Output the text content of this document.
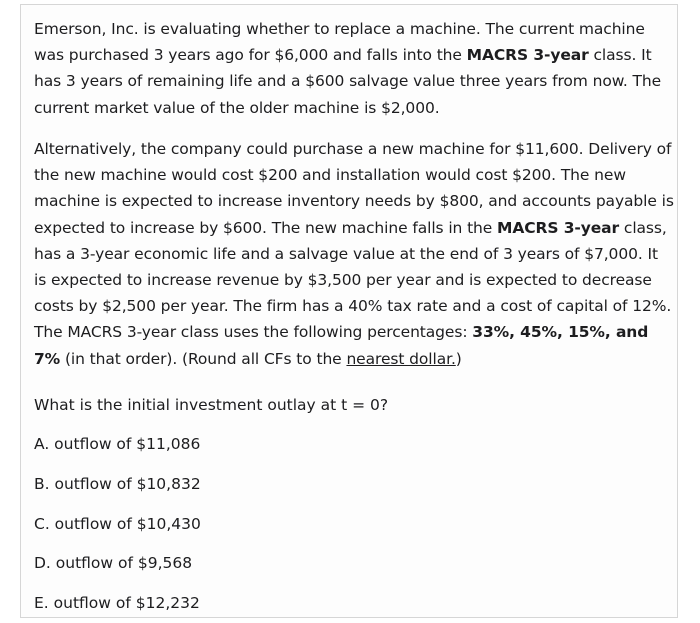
Emerson, Inc. is evaluating whether to replace a machine. The current machine was purchased 3 years ago for $6,000 and falls into the MACRS 3-year class. It has 3 years of remaining life and a $600 salvage value three years from now. The current market value of the older machine is $2,000.
Alternatively, the company could purchase a new machine for $11,600. Delivery of the new machine would cost $200 and installation would cost $200. The new machine is expected to increase inventory needs by $800, and accounts payable is expected to increase by $600. The new machine falls in the MACRS 3-year class, has a 3-year economic life and a salvage value at the end of 3 years of $7,000. It is expected to increase revenue by $3,500 per year and is expected to decrease costs by $2,500 per year. The firm has a 40% tax rate and a cost of capital of 12%. The MACRS 3-year class uses the following percentages: 33%, 45%, 15%, and 7% (in that order). (Round all CFs to the nearest dollar.)
What is the initial investment outlay at t = 0?
A. outflow of $11,086
B. outflow of $10,832
C. outflow of $10,430
D. outflow of $9,568
E. outflow of $12,232
